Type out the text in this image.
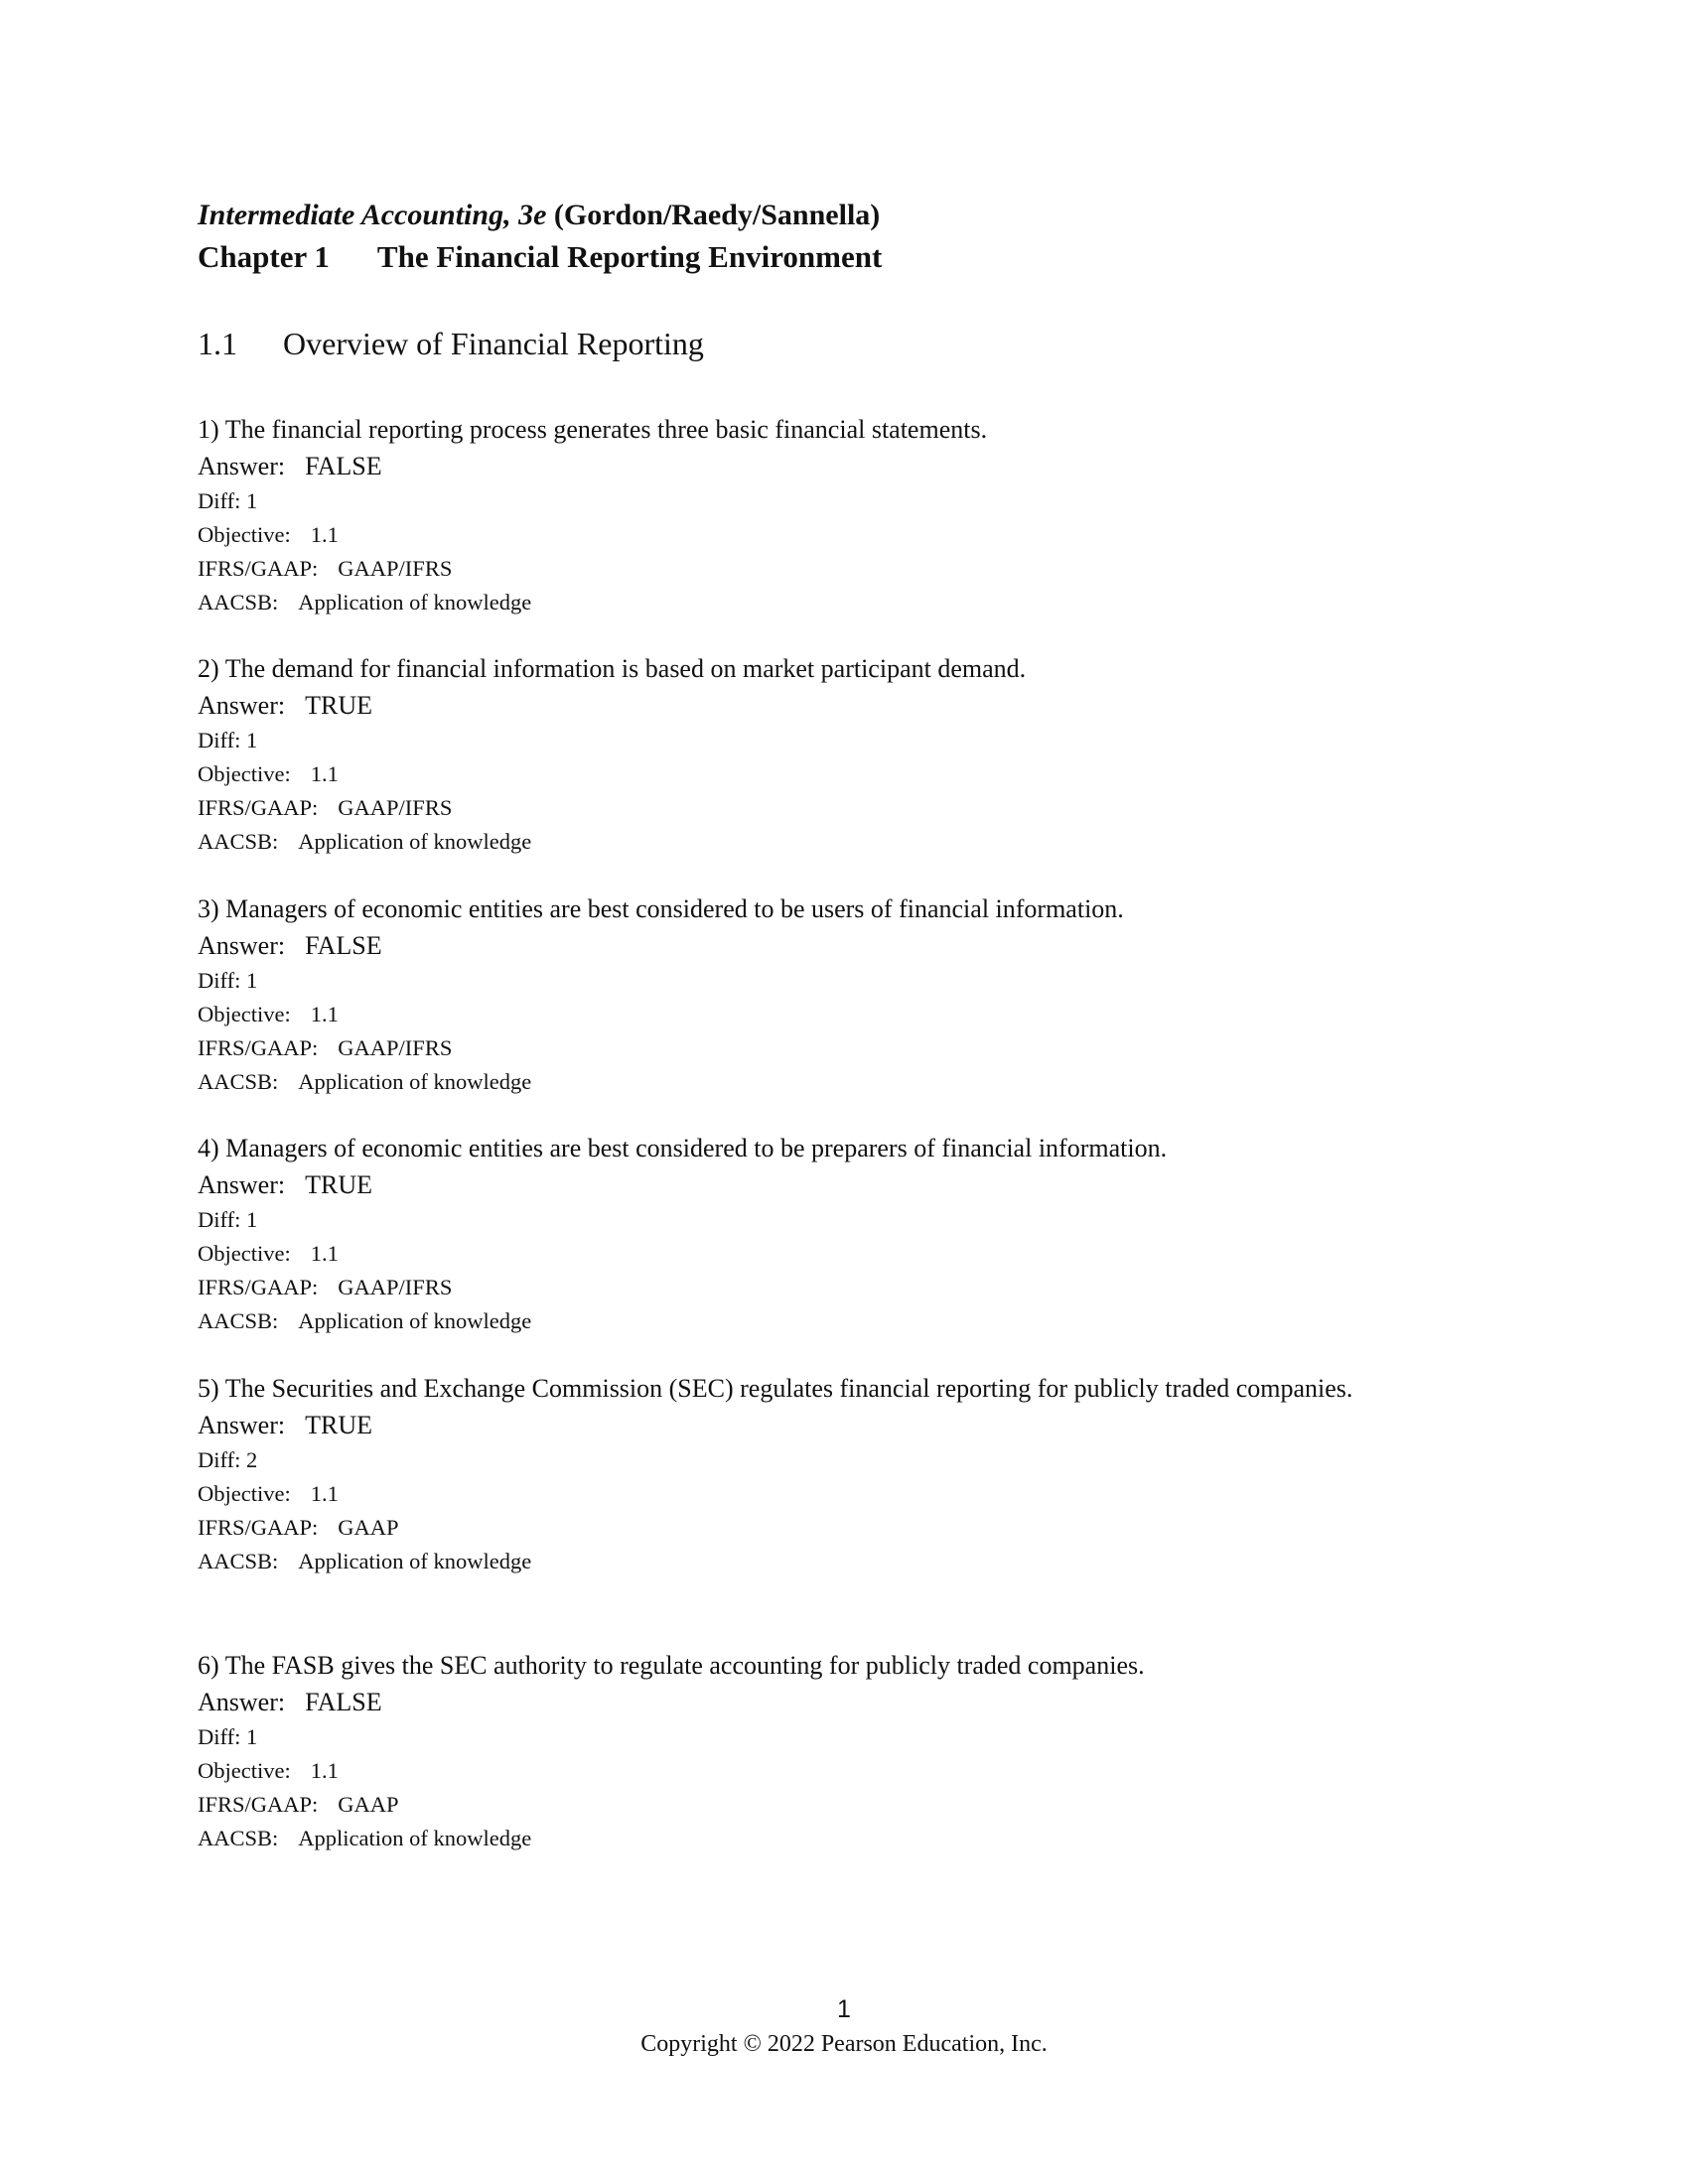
Intermediate Accounting, 3e (Gordon/Raedy/Sannella)
Chapter 1 The Financial Reporting Environment
1.1 Overview of Financial Reporting
1) The financial reporting process generates three basic financial statements.
Answer: FALSE
Diff: 1
Objective: 1.1
IFRS/GAAP: GAAP/IFRS
AACSB: Application of knowledge
2) The demand for financial information is based on market participant demand.
Answer: TRUE
Diff: 1
Objective: 1.1
IFRS/GAAP: GAAP/IFRS
AACSB: Application of knowledge
3) Managers of economic entities are best considered to be users of financial information.
Answer: FALSE
Diff: 1
Objective: 1.1
IFRS/GAAP: GAAP/IFRS
AACSB: Application of knowledge
4) Managers of economic entities are best considered to be preparers of financial information.
Answer: TRUE
Diff: 1
Objective: 1.1
IFRS/GAAP: GAAP/IFRS
AACSB: Application of knowledge
5) The Securities and Exchange Commission (SEC) regulates financial reporting for publicly traded companies.
Answer: TRUE
Diff: 2
Objective: 1.1
IFRS/GAAP: GAAP
AACSB: Application of knowledge
6) The FASB gives the SEC authority to regulate accounting for publicly traded companies.
Answer: FALSE
Diff: 1
Objective: 1.1
IFRS/GAAP: GAAP
AACSB: Application of knowledge
1
Copyright © 2022 Pearson Education, Inc.
